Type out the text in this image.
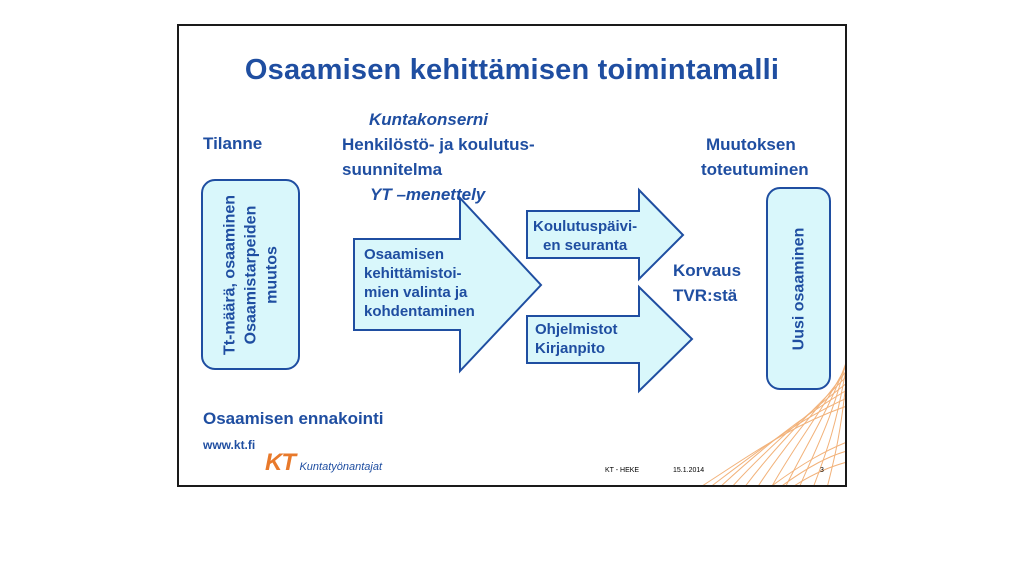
Osaamisen kehittämisen toimintamalli
Tilanne
Kuntakonserni
Henkilöstö- ja koulutus-
suunnitelma
YT –menettely
Muutoksen
toteutuminen
Tt-määrä, osaaminen Osaamistarpeiden muutos	Osaamisen
kehittämistoi-
mien valinta ja
kohdentaminen
Koulutuspäivi-
en seuranta
Ohjelmistot
Kirjanpito
Korvaus
TVR:stä	Uusi osaaminen
Osaamisen ennakointi
www.kt.fi
KT Kuntatyönantajat	KT - HEKE	15.1.2014	3
